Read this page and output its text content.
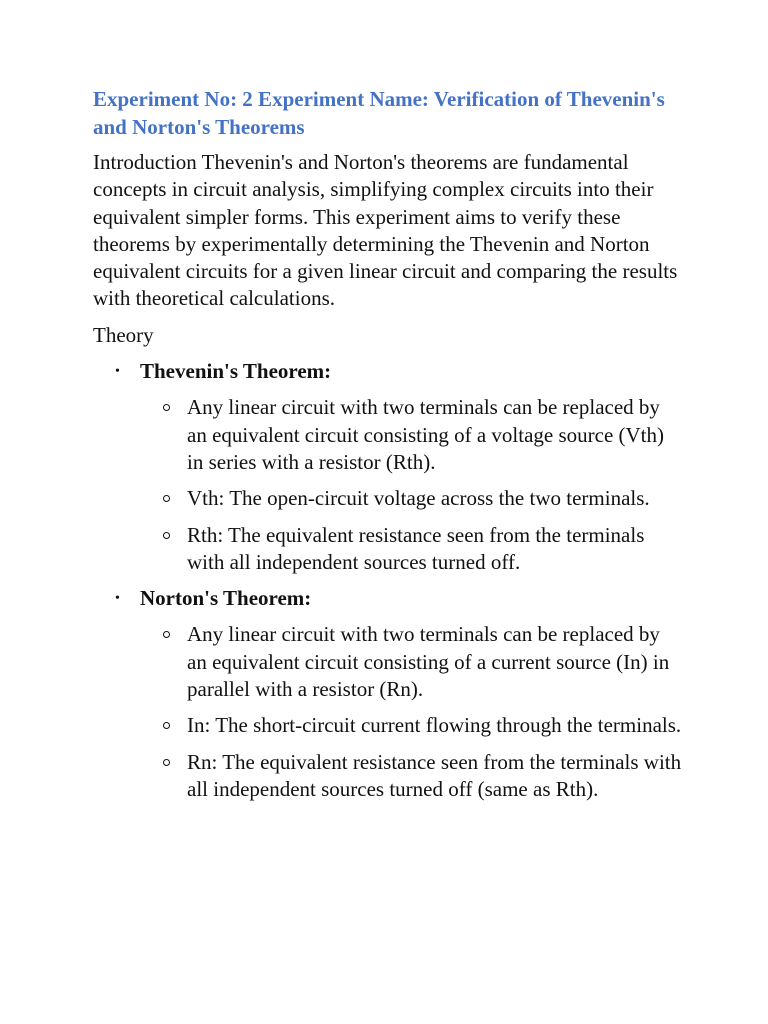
Experiment No: 2 Experiment Name: Verification of Thevenin's and Norton's Theorems
Introduction Thevenin's and Norton's theorems are fundamental concepts in circuit analysis, simplifying complex circuits into their equivalent simpler forms. This experiment aims to verify these theorems by experimentally determining the Thevenin and Norton equivalent circuits for a given linear circuit and comparing the results with theoretical calculations.
Theory
• Thevenin's Theorem:
Any linear circuit with two terminals can be replaced by an equivalent circuit consisting of a voltage source (Vth) in series with a resistor (Rth).
Vth: The open-circuit voltage across the two terminals.
Rth: The equivalent resistance seen from the terminals with all independent sources turned off.
• Norton's Theorem:
Any linear circuit with two terminals can be replaced by an equivalent circuit consisting of a current source (In) in parallel with a resistor (Rn).
In: The short-circuit current flowing through the terminals.
Rn: The equivalent resistance seen from the terminals with all independent sources turned off (same as Rth).
